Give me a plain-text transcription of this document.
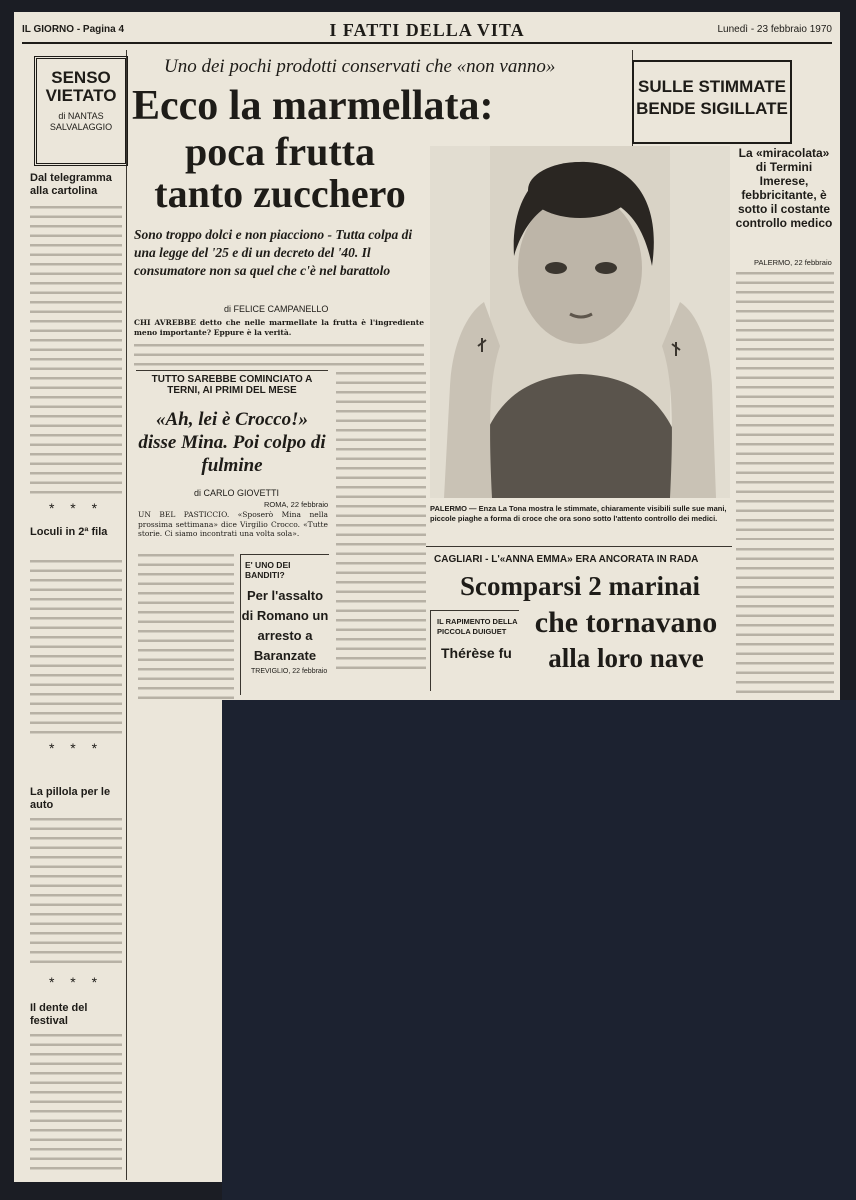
IL GIORNO - Pagina 4	I FATTI DELLA VITA	Lunedì - 23 febbraio 1970
SENSO VIETATO
di NANTAS SALVALAGGIO
Dal telegramma alla cartolina
* * *
Loculi in 2ª fila
* * *
La pillola per le auto
* * *
Il dente del festival
Uno dei pochi prodotti conservati che «non vanno»
Ecco la marmellata:
poca frutta
tanto zucchero
Sono troppo dolci e non piacciono - Tutta colpa di una legge del '25 e di un decreto del '40. Il consumatore non sa quel che c'è nel barattolo
di FELICE CAMPANELLO
CHI AVREBBE detto che nelle marmellate la frutta è l'ingrediente meno importante? Eppure è la verità.
TUTTO SAREBBE COMINCIATO A TERNI, AI PRIMI DEL MESE
«Ah, lei è Crocco!» disse Mina. Poi colpo di fulmine
di CARLO GIOVETTI
ROMA, 22 febbraio
UN BEL PASTICCIO. «Sposerò Mina nella prossima settimana» dice Virgilio Crocco. «Tutte storie. Ci siamo incontrati una volta sola».
E' UNO DEI BANDITI?
Per l'assalto di Romano un arresto a Baranzate
TREVIGLIO, 22 febbraio
PALERMO — Enza La Tona mostra le stimmate, chiaramente visibili sulle sue mani, piccole piaghe a forma di croce che ora sono sotto l'attento controllo dei medici.
SULLE STIMMATE BENDE SIGILLATE
La «miracolata» di Termini Imerese, febbricitante, è sotto il costante controllo medico
PALERMO, 22 febbraio
CAGLIARI - L'«ANNA EMMA» ERA ANCORATA IN RADA
Scomparsi 2 marinai
che tornavano
alla loro nave
IL RAPIMENTO DELLA PICCOLA DUIGUET
Thérèse fu
